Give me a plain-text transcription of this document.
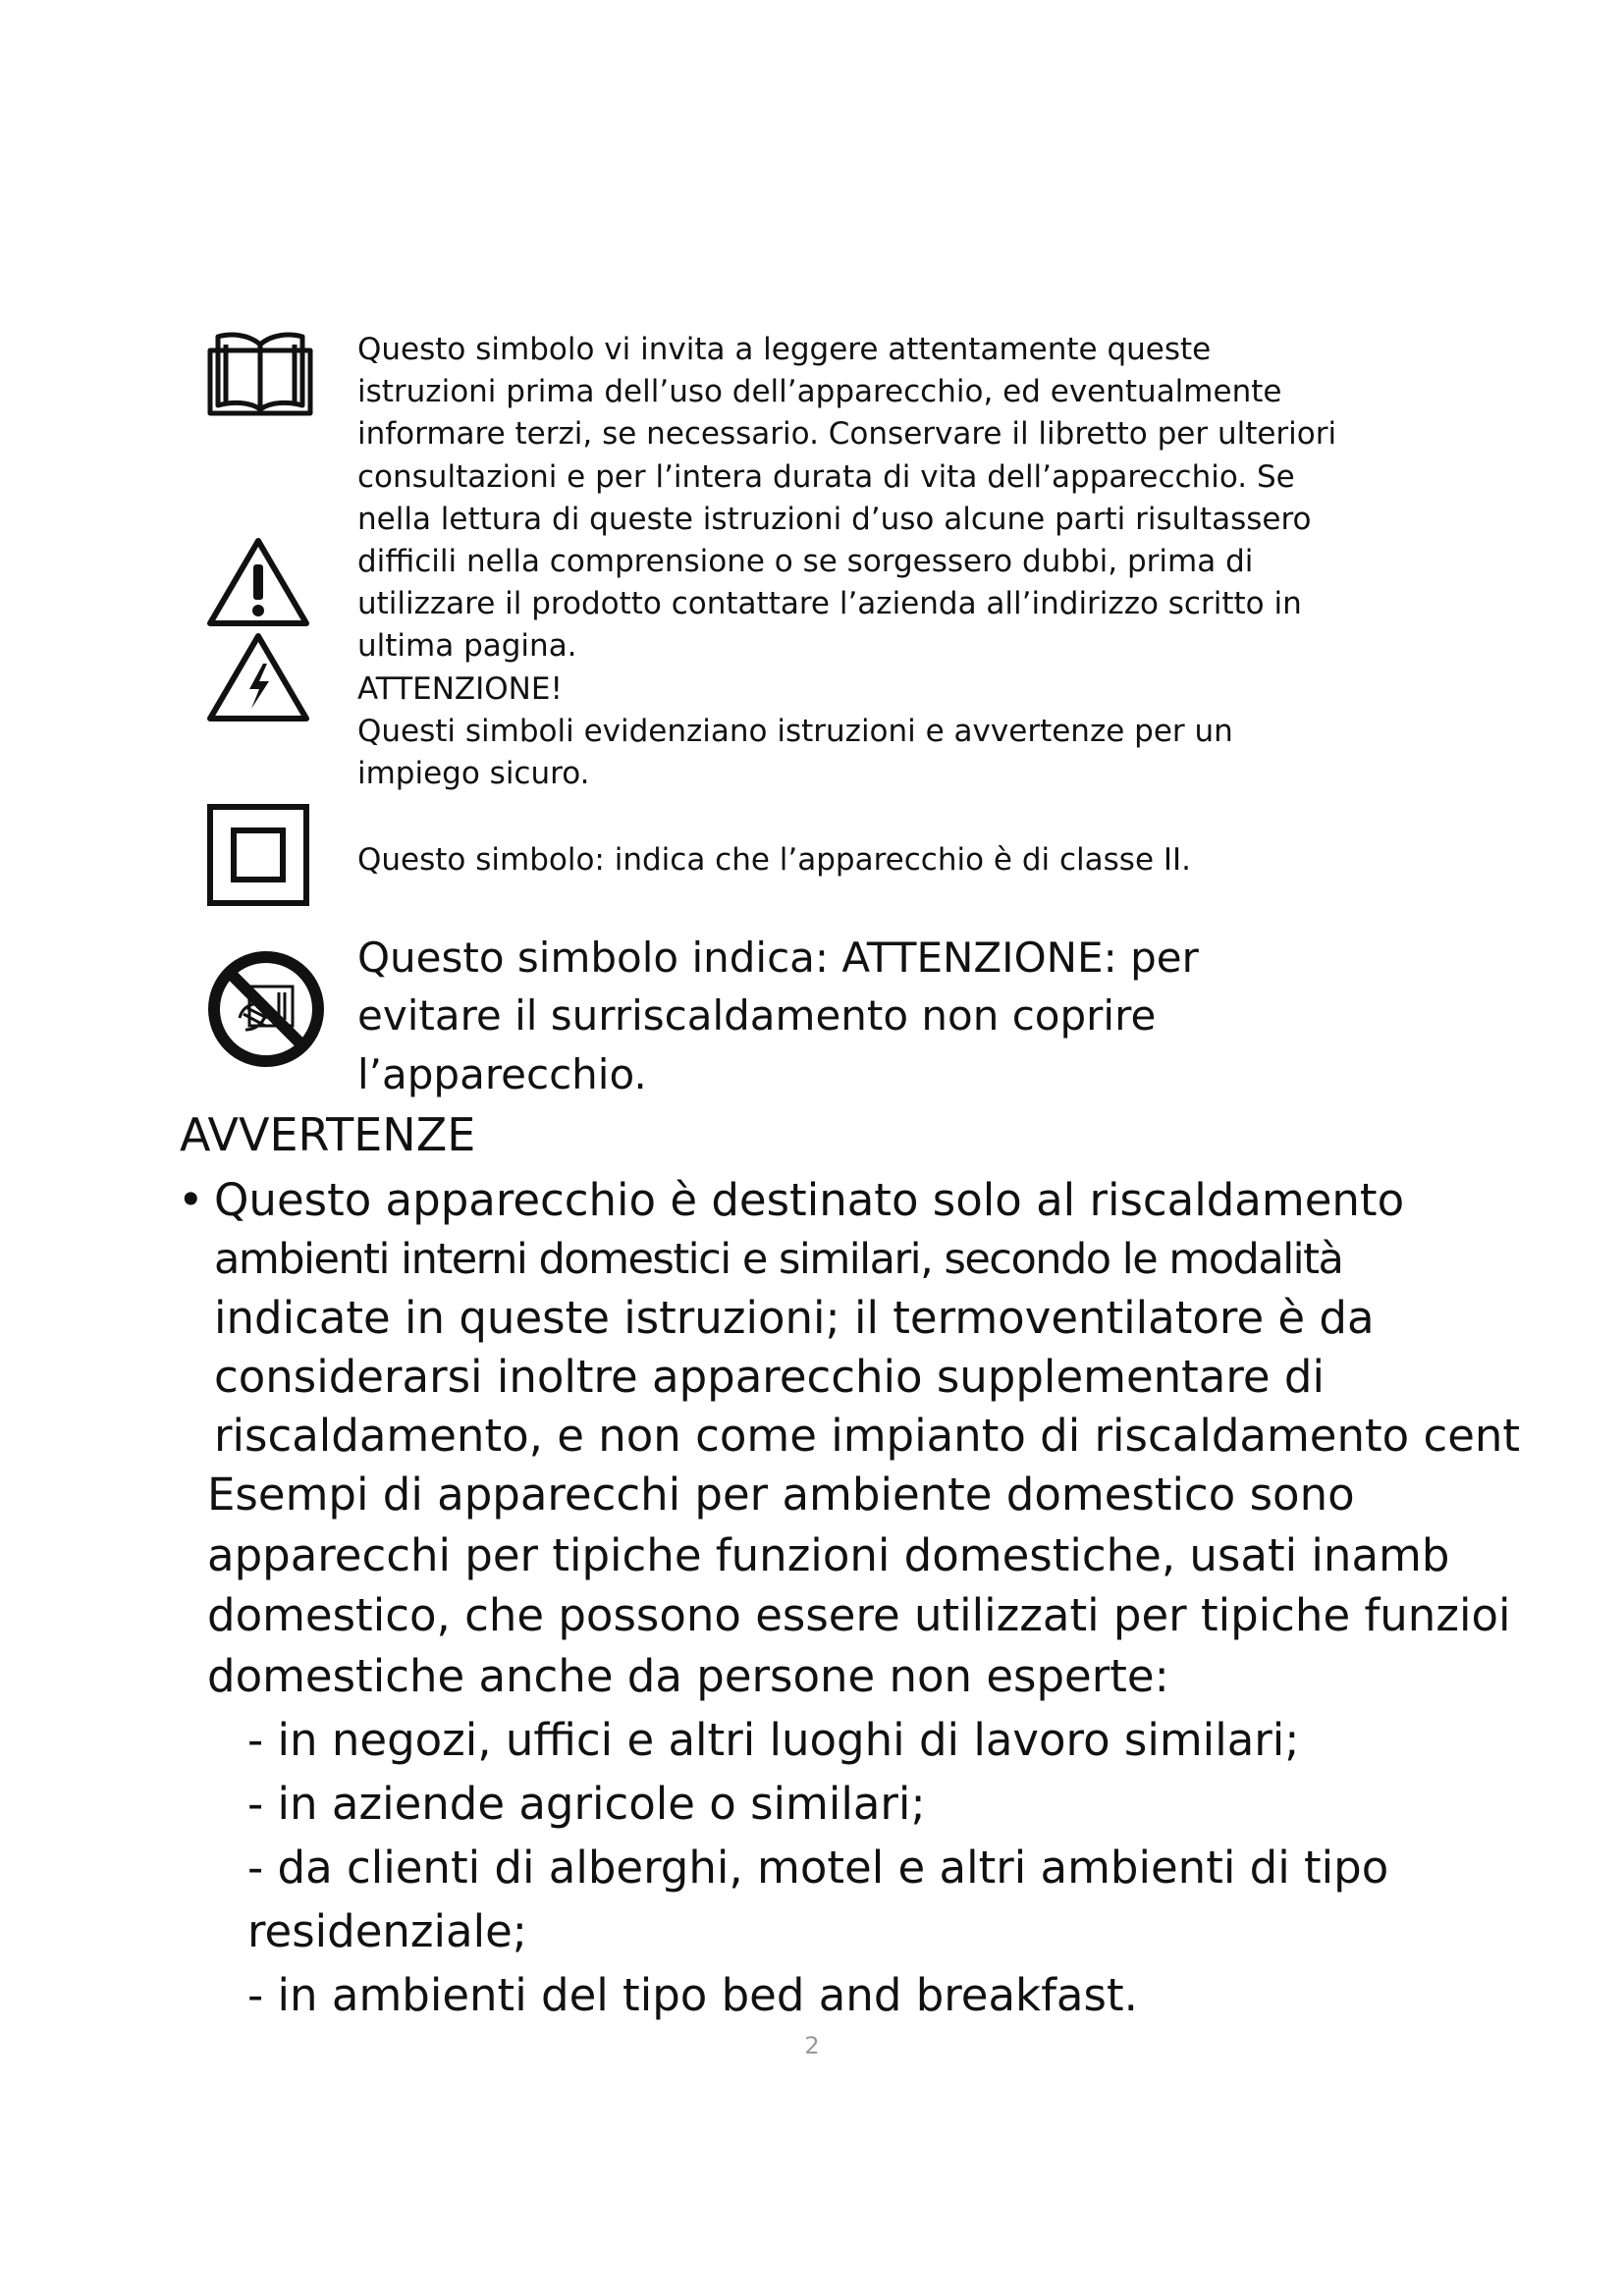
Questo simbolo vi invita a leggere attentamente queste
istruzioni prima dell’uso dell’apparecchio, ed eventualmente
informare terzi, se necessario. Conservare il libretto per ulteriori
consultazioni e per l’intera durata di vita dell’apparecchio. Se
nella lettura di queste istruzioni d’uso alcune parti risultassero
difficili nella comprensione o se sorgessero dubbi, prima di
utilizzare il prodotto contattare l’azienda all’indirizzo scritto in
ultima pagina.
ATTENZIONE!
Questi simboli evidenziano istruzioni e avvertenze per un
impiego sicuro.
Questo simbolo: indica che l’apparecchio è di classe II.
Questo simbolo indica: ATTENZIONE: per
evitare il surriscaldamento non coprire
l’apparecchio.
AVVERTENZE
• Questo apparecchio è destinato solo al riscaldamento
ambienti interni domestici e similari, secondo le modalità
indicate in queste istruzioni; il termoventilatore è da
considerarsi inoltre apparecchio supplementare di
riscaldamento, e non come impianto di riscaldamento cent
Esempi di apparecchi per ambiente domestico sono
apparecchi per tipiche funzioni domestiche, usati inamb
domestico, che possono essere utilizzati per tipiche funzioi
domestiche anche da persone non esperte:
- in negozi, uffici e altri luoghi di lavoro similari;
- in aziende agricole o similari;
- da clienti di alberghi, motel e altri ambienti di tipo
residenziale;
- in ambienti del tipo bed and breakfast.
2
